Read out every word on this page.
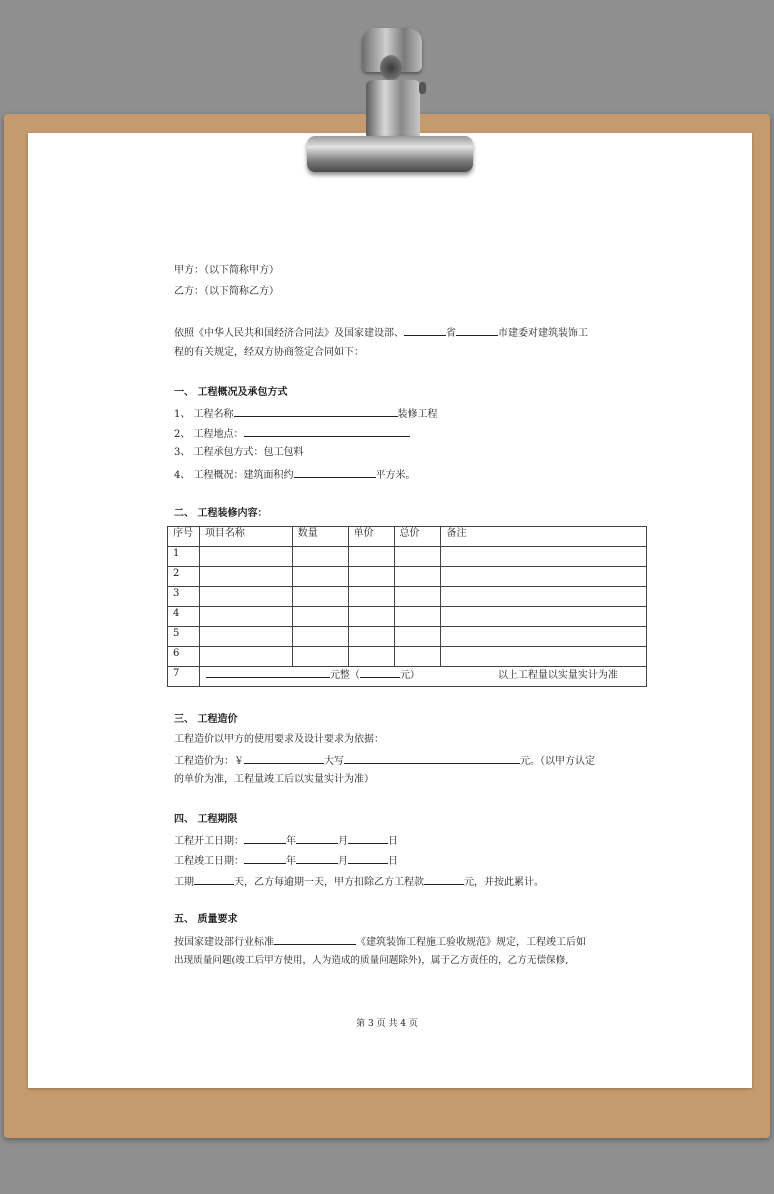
甲方：（以下简称甲方）
乙方：（以下简称乙方）
依照《中华人民共和国经济合同法》及国家建设部、	省	市建委对建筑装饰工
程的有关规定，经双方协商签定合同如下：
一、 工程概况及承包方式
1、 工程名称	装修工程
2、 工程地点：
3、 工程承包方式：包工包料
4、 工程概况：建筑面积约	平方米。
二、 工程装修内容：
序号	项目名称	数量	单价	总价	备注
1					
2					
3					
4					
5					
6					
7	元整（ 元） 以上工程量以实量实计为准				
三、 工程造价
工程造价以甲方的使用要求及设计要求为依据：
工程造价为：￥	大写	元。（以甲方认定
的单价为准，工程量竣工后以实量实计为准）
四、 工程期限
工程开工日期：	年	月	日
工程竣工日期：	年	月	日
工期	天，乙方每逾期一天，甲方扣除乙方工程款	元，并按此累计。
五、 质量要求
按国家建设部行业标准	《建筑装饰工程施工验收规范》规定，工程竣工后如
出现质量问题(竣工后甲方使用，人为造成的质量问题除外)，属于乙方责任的，乙方无偿保修,
第 3 页 共 4 页
